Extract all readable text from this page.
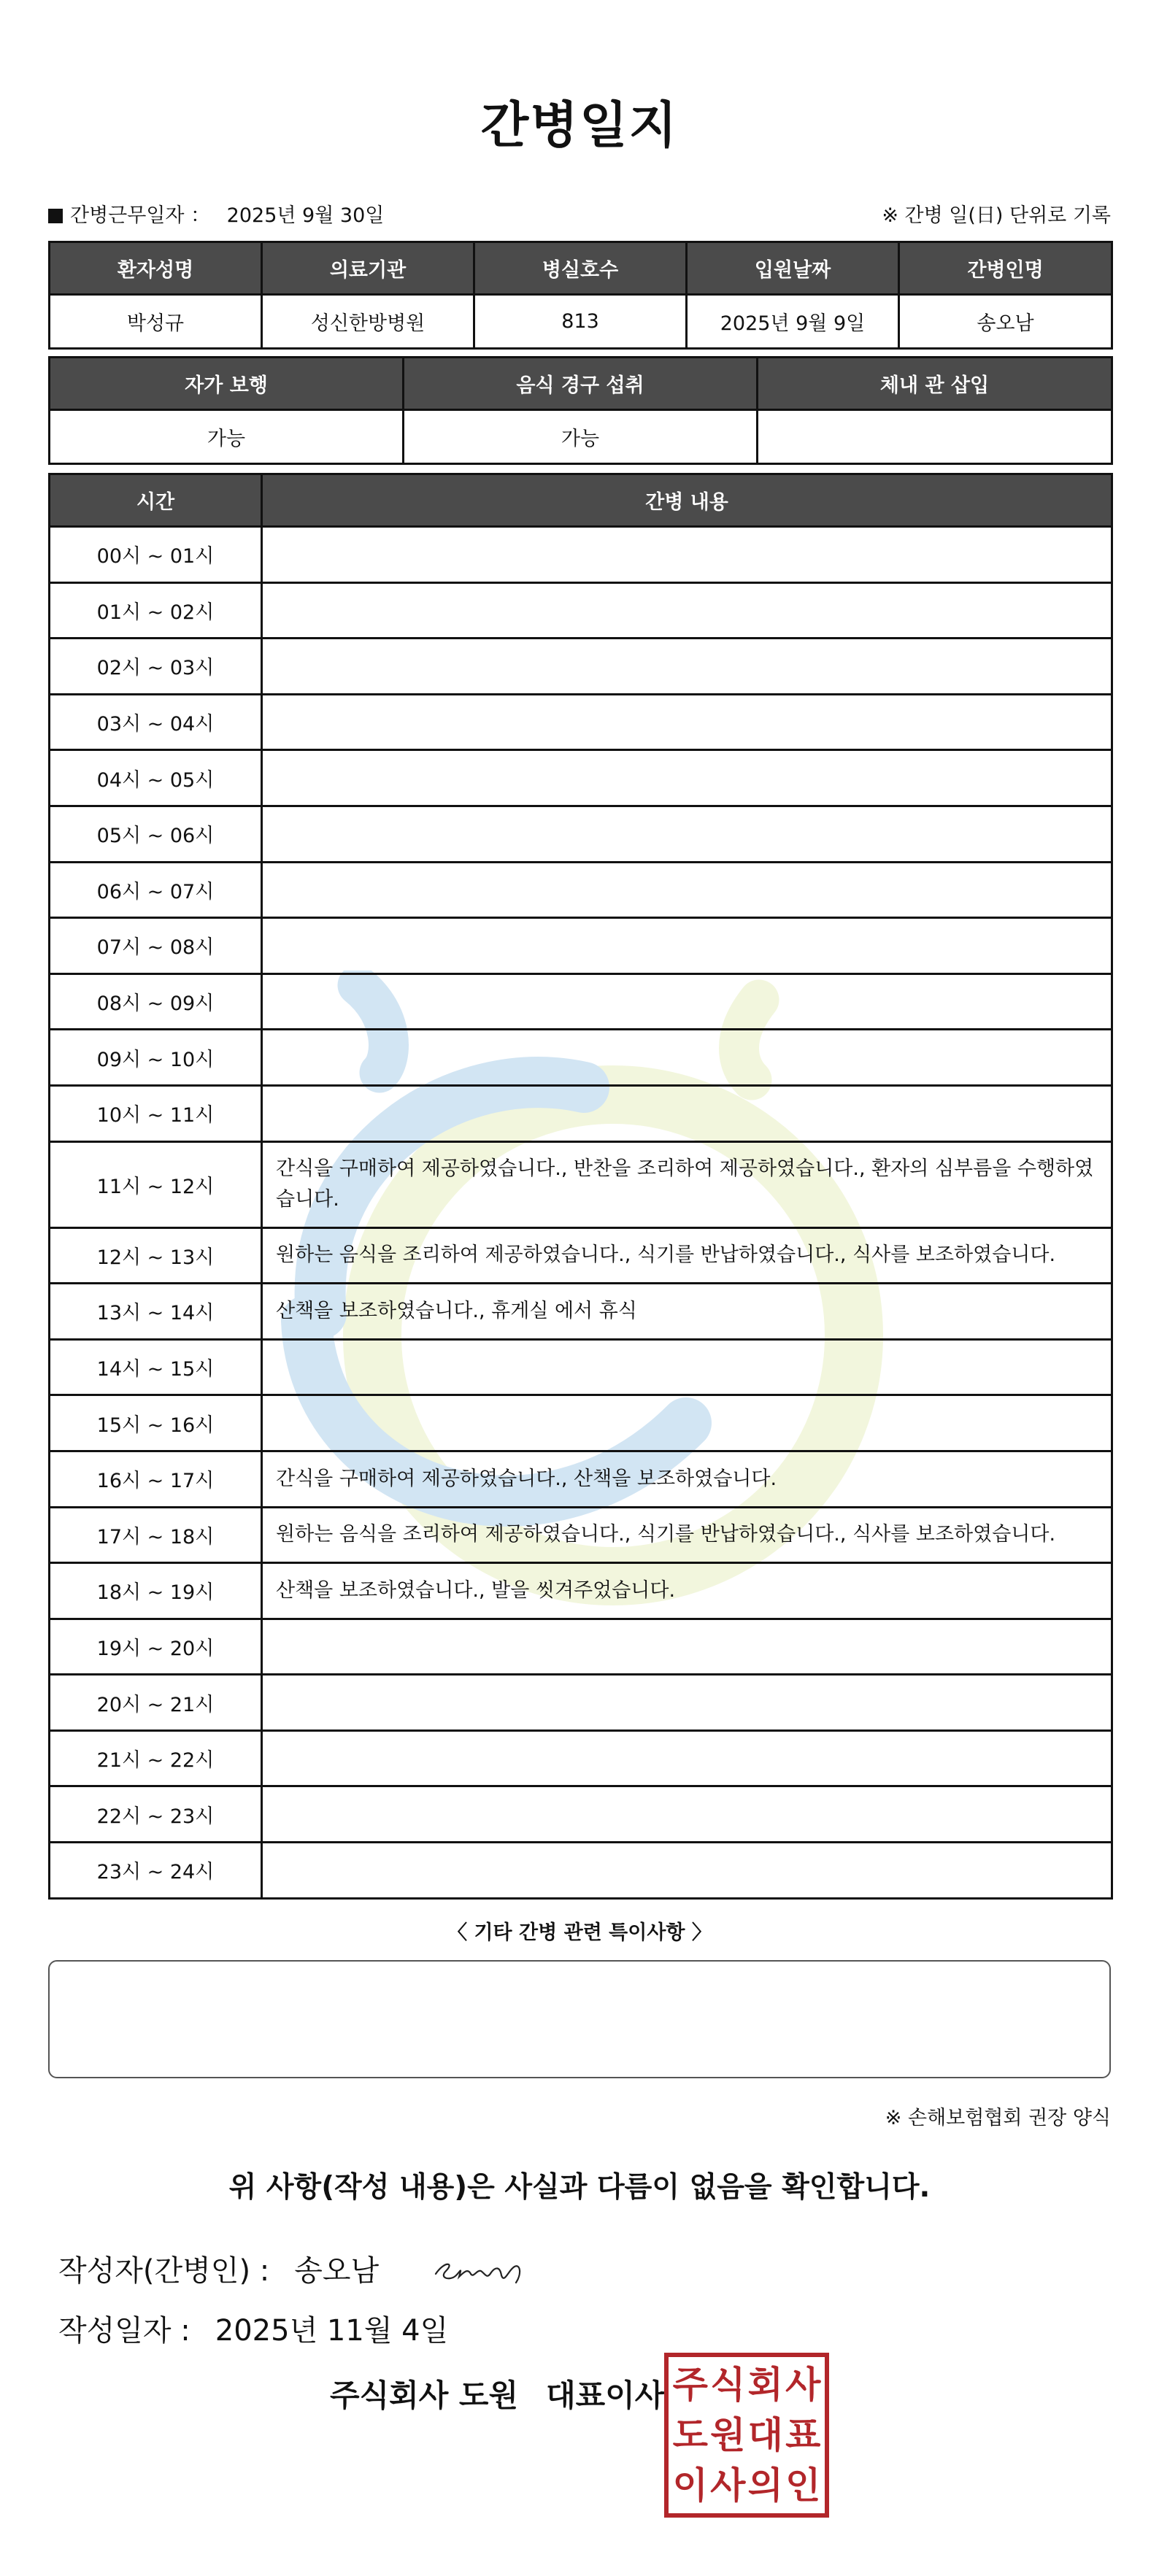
간병일지
간병근무일자 ： 2025년 9월 30일	※ 간병 일(日) 단위로 기록
환자성명	의료기관	병실호수	입원날짜	간병인명
박성규	성신한방병원	813	2025년 9월 9일	송오남
자가 보행	음식 경구 섭취	체내 관 삽입
가능	가능	
시간	간병 내용
00시 ~ 01시	
01시 ~ 02시	
02시 ~ 03시	
03시 ~ 04시	
04시 ~ 05시	
05시 ~ 06시	
06시 ~ 07시	
07시 ~ 08시	
08시 ~ 09시	
09시 ~ 10시	
10시 ~ 11시	
11시 ~ 12시	간식을 구매하여 제공하였습니다., 반찬을 조리하여 제공하였습니다., 환자의 심부름을 수행하였습니다.
12시 ~ 13시	원하는 음식을 조리하여 제공하였습니다., 식기를 반납하였습니다., 식사를 보조하였습니다.
13시 ~ 14시	산책을 보조하였습니다., 휴게실 에서 휴식
14시 ~ 15시	
15시 ~ 16시	
16시 ~ 17시	간식을 구매하여 제공하였습니다., 산책을 보조하였습니다.
17시 ~ 18시	원하는 음식을 조리하여 제공하였습니다., 식기를 반납하였습니다., 식사를 보조하였습니다.
18시 ~ 19시	산책을 보조하였습니다., 발을 씻겨주었습니다.
19시 ~ 20시	
20시 ~ 21시	
21시 ~ 22시	
22시 ~ 23시	
23시 ~ 24시	
〈 기타 간병 관련 특이사항 〉
※ 손해보험협회 권장 양식
위 사항(작성 내용)은 사실과 다름이 없음을 확인합니다.
작성자(간병인) : 송오남
작성일자 : 2025년 11월 4일
주식회사 도원 대표이사 주 식 회 사
도 원 대 표
이 사 의 인
